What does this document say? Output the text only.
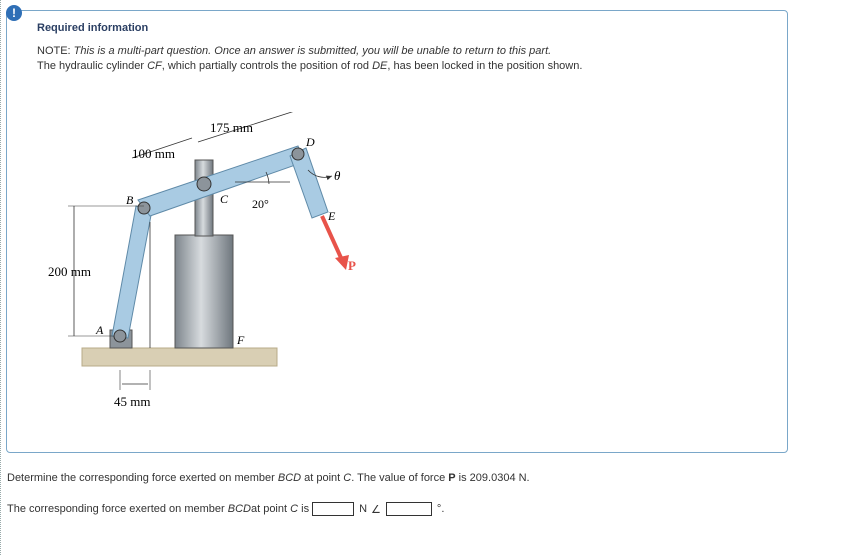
!
Required information
NOTE: This is a multi-part question. Once an answer is submitted, you will be unable to return to this part.
The hydraulic cylinder CF, which partially controls the position of rod DE, has been locked in the position shown.
175 mm
100 mm
200 mm
45 mm
20°
A
B	C
D
E
F
P
θ
Determine the corresponding force exerted on member BCD at point C. The value of force P is 209.0304 N.
The corresponding force exerted on member
BCD at point
C
is	N ∠	°.
